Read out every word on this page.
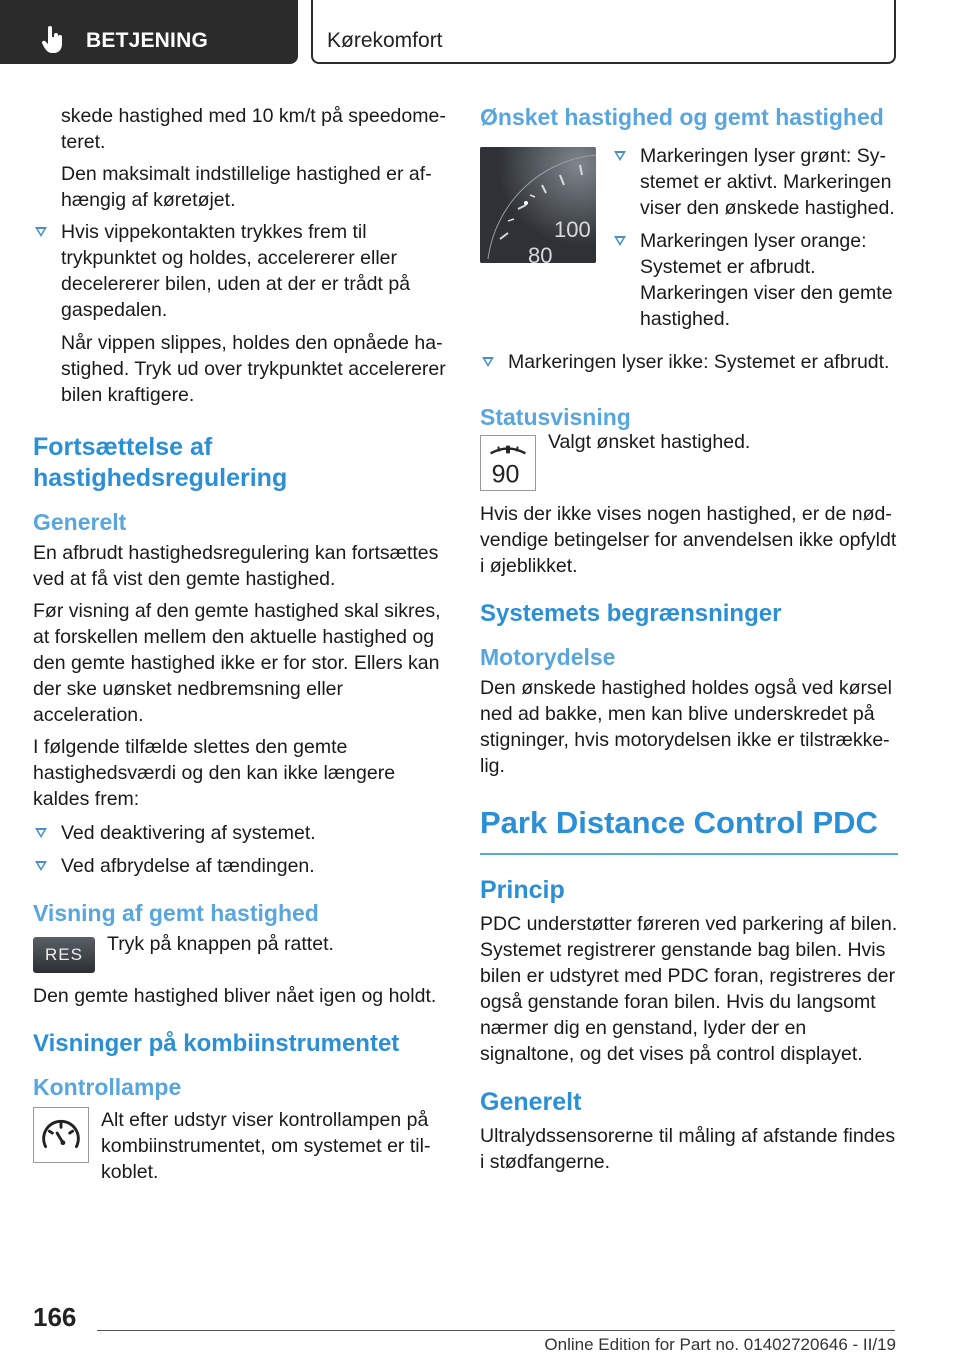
BETJENING	Kørekomfort
skede hastighed med 10 km/t på speedometeret.
Den maksimalt indstillelige hastighed er afhængig af køretøjet.
Hvis vippekontakten trykkes frem til trykpunktet og holdes, accelererer eller decelererer bilen, uden at der er trådt på gaspedalen.
Når vippen slippes, holdes den opnåede hastighed. Tryk ud over trykpunktet accelererer bilen kraftigere.
Fortsættelse af hastighedsregulering
Generelt
En afbrudt hastighedsregulering kan fortsættes ved at få vist den gemte hastighed.
Før visning af den gemte hastighed skal sikres, at forskellen mellem den aktuelle hastighed og den gemte hastighed ikke er for stor. Ellers kan der ske uønsket nedbremsning eller acceleration.
I følgende tilfælde slettes den gemte hastighedsværdi og den kan ikke længere kaldes frem:
Ved deaktivering af systemet.
Ved afbrydelse af tændingen.
Visning af gemt hastighed
RES	Tryk på knappen på rattet.
Den gemte hastighed bliver nået igen og holdt.
Visninger på kombiinstrumentet
Kontrollampe
Alt efter udstyr viser kontrollampen på kombiinstrumentet, om systemet er tilkoblet.
Ønsket hastighed og gemt hastighed
100
80
Markeringen lyser grønt: Systemet er aktivt. Markeringen viser den ønskede hastighed.
Markeringen lyser orange: Systemet er afbrudt. Markeringen viser den gemte hastighed.
Markeringen lyser ikke: Systemet er afbrudt.
Statusvisning
90
Valgt ønsket hastighed.
Hvis der ikke vises nogen hastighed, er de nødvendige betingelser for anvendelsen ikke opfyldt i øjeblikket.
Systemets begrænsninger
Motorydelse
Den ønskede hastighed holdes også ved kørsel ned ad bakke, men kan blive underskredet på stigninger, hvis motorydelsen ikke er tilstrækkelig.
Park Distance Control PDC
Princip
PDC understøtter føreren ved parkering af bilen. Systemet registrerer genstande bag bilen. Hvis bilen er udstyret med PDC foran, registreres der også genstande foran bilen. Hvis du langsomt nærmer dig en genstand, lyder der en signaltone, og det vises på control displayet.
Generelt
Ultralydssensorerne til måling af afstande findes i stødfangerne.
166
Online Edition for Part no. 01402720646 - II/19
